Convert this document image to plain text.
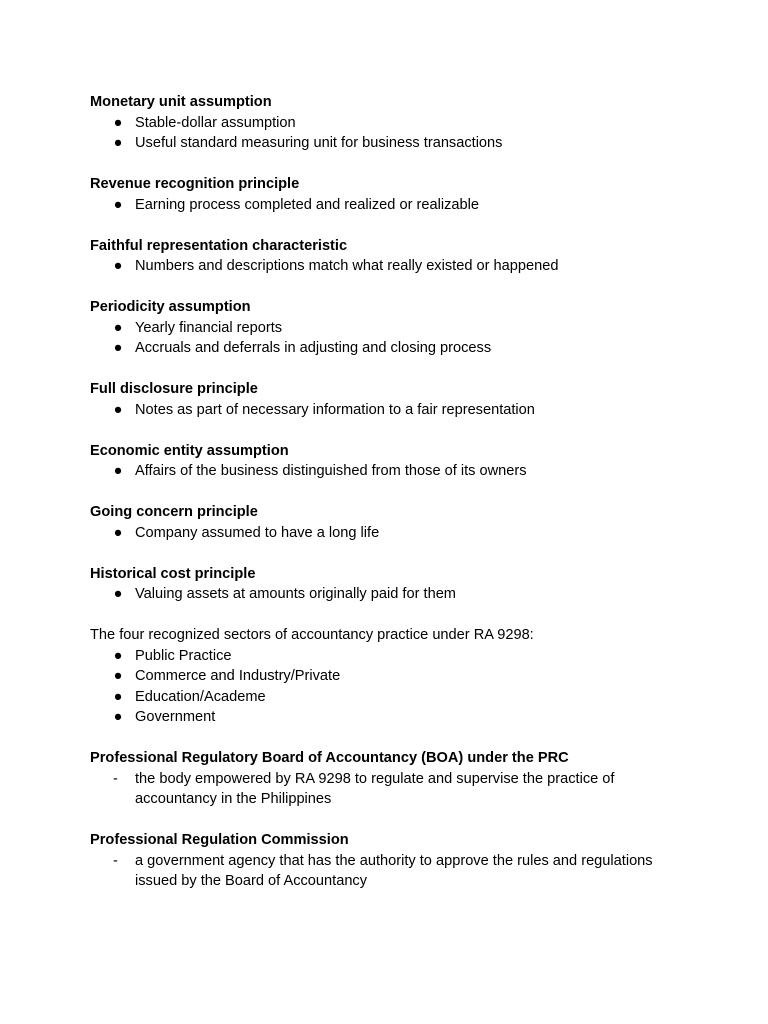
Monetary unit assumption
● Stable-dollar assumption
● Useful standard measuring unit for business transactions
Revenue recognition principle
● Earning process completed and realized or realizable
Faithful representation characteristic
● Numbers and descriptions match what really existed or happened
Periodicity assumption
● Yearly financial reports
● Accruals and deferrals in adjusting and closing process
Full disclosure principle
● Notes as part of necessary information to a fair representation
Economic entity assumption
● Affairs of the business distinguished from those of its owners
Going concern principle
● Company assumed to have a long life
Historical cost principle
● Valuing assets at amounts originally paid for them
The four recognized sectors of accountancy practice under RA 9298:
● Public Practice
● Commerce and Industry/Private
● Education/Academe
● Government
Professional Regulatory Board of Accountancy (BOA) under the PRC
- the body empowered by RA 9298 to regulate and supervise the practice of accountancy in the Philippines
Professional Regulation Commission
- a government agency that has the authority to approve the rules and regulations issued by the Board of Accountancy
